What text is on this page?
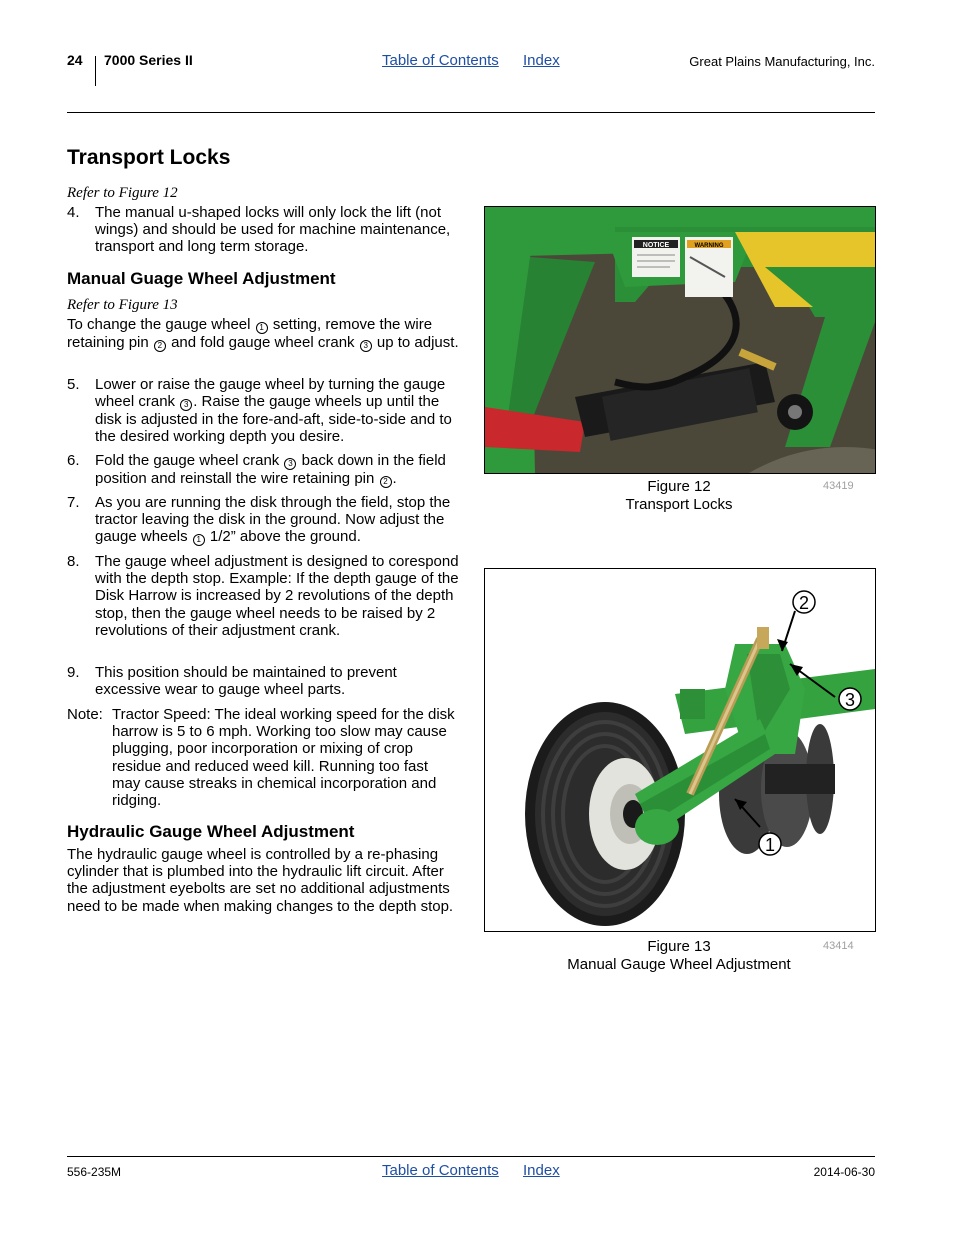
24 7000 Series II	Table of Contents Index	Great Plains Manufacturing, Inc.
Transport Locks
Refer to Figure 12
4. The manual u-shaped locks will only lock the lift (not wings) and should be used for machine maintenance, transport and long term storage.
Manual Guage Wheel Adjustment
Refer to Figure 13
To change the gauge wheel 1 setting, remove the wire retaining pin 2 and fold gauge wheel crank 3 up to adjust.
5. Lower or raise the gauge wheel by turning the gauge wheel crank 3 . Raise the gauge wheels up until the disk is adjusted in the fore-and-aft, side-to-side and to the desired working depth you desire.
6. Fold the gauge wheel crank 3 back down in the field position and reinstall the wire retaining pin 2 .
7. As you are running the disk through the field, stop the tractor leaving the disk in the ground. Now adjust the gauge wheels 1 1/2” above the ground.
8. The gauge wheel adjustment is designed to corespond with the depth stop. Example: If the depth gauge of the Disk Harrow is increased by 2 revolutions of the depth stop, then the gauge wheel needs to be raised by 2 revolutions of their adjustment crank.
9. This position should be maintained to prevent excessive wear to gauge wheel parts.
Note: Tractor Speed: The ideal working speed for the disk harrow is 5 to 6 mph. Working too slow may cause plugging, poor incorporation or mixing of crop residue and reduced weed kill. Running too fast may cause streaks in chemical incorporation and ridging.
Hydraulic Gauge Wheel Adjustment
The hydraulic gauge wheel is controlled by a re-phasing cylinder that is plumbed into the hydraulic lift circuit. After the adjustment eyebolts are set no additional adjustments need to be made when making changes to the depth stop.
NOTICE	WARNING
Figure 12
Transport Locks
43419
2
3
1
Figure 13
Manual Gauge Wheel Adjustment
43414
556-235M	Table of Contents Index	2014-06-30
